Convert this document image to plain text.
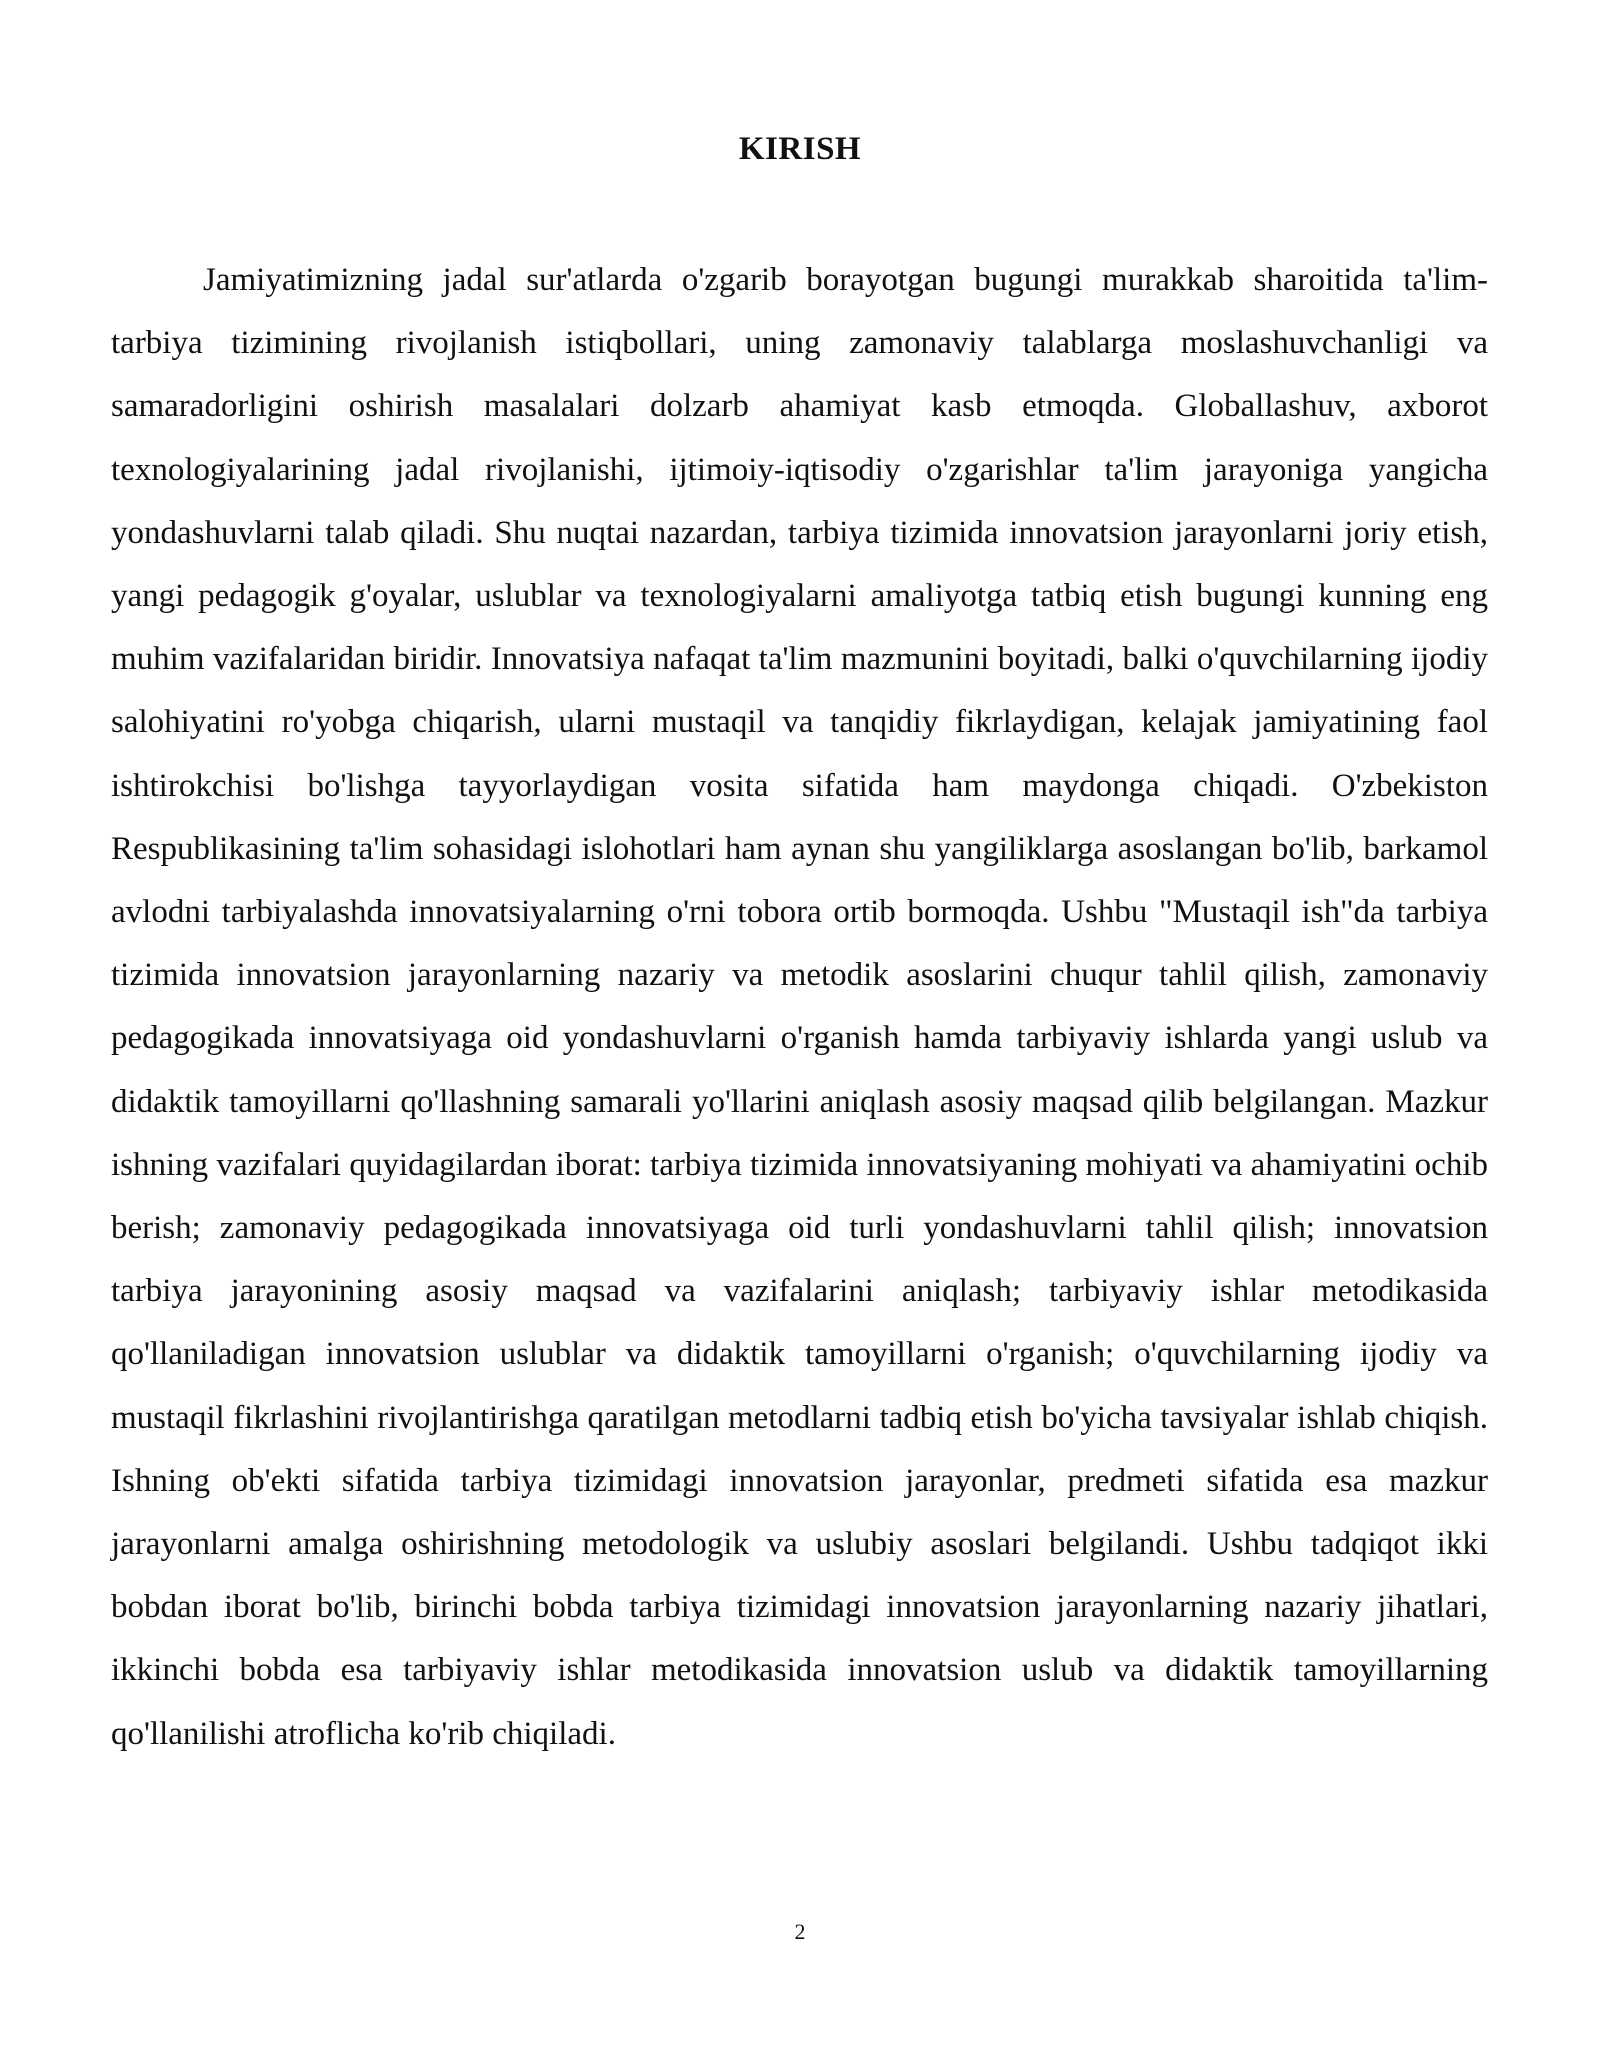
KIRISH

Jamiyatimizning jadal sur'atlarda o'zgarib borayotgan bugungi murakkab sharoitida ta'lim-tarbiya tizimining rivojlanish istiqbollari, uning zamonaviy talablarga moslashuvchanligi va samaradorligini oshirish masalalari dolzarb ahamiyat kasb etmoqda. Globallashuv, axborot texnologiyalarining jadal rivojlanishi, ijtimoiy-iqtisodiy o'zgarishlar ta'lim jarayoniga yangicha yondashuvlarni talab qiladi. Shu nuqtai nazardan, tarbiya tizimida innovatsion jarayonlarni joriy etish, yangi pedagogik g'oyalar, uslublar va texnologiyalarni amaliyotga tatbiq etish bugungi kunning eng muhim vazifalaridan biridir. Innovatsiya nafaqat ta'lim mazmunini boyitadi, balki o'quvchilarning ijodiy salohiyatini ro'yobga chiqarish, ularni mustaqil va tanqidiy fikrlaydigan, kelajak jamiyatining faol ishtirokchisi bo'lishga tayyorlaydigan vosita sifatida ham maydonga chiqadi. O'zbekiston Respublikasining ta'lim sohasidagi islohotlari ham aynan shu yangiliklarga asoslangan bo'lib, barkamol avlodni tarbiyalashda innovatsiyalarning o'rni tobora ortib bormoqda. Ushbu "Mustaqil ish"da tarbiya tizimida innovatsion jarayonlarning nazariy va metodik asoslarini chuqur tahlil qilish, zamonaviy pedagogikada innovatsiyaga oid yondashuvlarni o'rganish hamda tarbiyaviy ishlarda yangi uslub va didaktik tamoyillarni qo'llashning samarali yo'llarini aniqlash asosiy maqsad qilib belgilangan. Mazkur ishning vazifalari quyidagilardan iborat: tarbiya tizimida innovatsiyaning mohiyati va ahamiyatini ochib berish; zamonaviy pedagogikada innovatsiyaga oid turli yondashuvlarni tahlil qilish; innovatsion tarbiya jarayonining asosiy maqsad va vazifalarini aniqlash; tarbiyaviy ishlar metodikasida qo'llaniladigan innovatsion uslublar va didaktik tamoyillarni o'rganish; o'quvchilarning ijodiy va mustaqil fikrlashini rivojlantirishga qaratilgan metodlarni tadbiq etish bo'yicha tavsiyalar ishlab chiqish. Ishning ob'ekti sifatida tarbiya tizimidagi innovatsion jarayonlar, predmeti sifatida esa mazkur jarayonlarni amalga oshirishning metodologik va uslubiy asoslari belgilandi. Ushbu tadqiqot ikki bobdan iborat bo'lib, birinchi bobda tarbiya tizimidagi innovatsion jarayonlarning nazariy jihatlari, ikkinchi bobda esa tarbiyaviy ishlar metodikasida innovatsion uslub va didaktik tamoyillarning qo'llanilishi atroflicha ko'rib chiqiladi.

2
